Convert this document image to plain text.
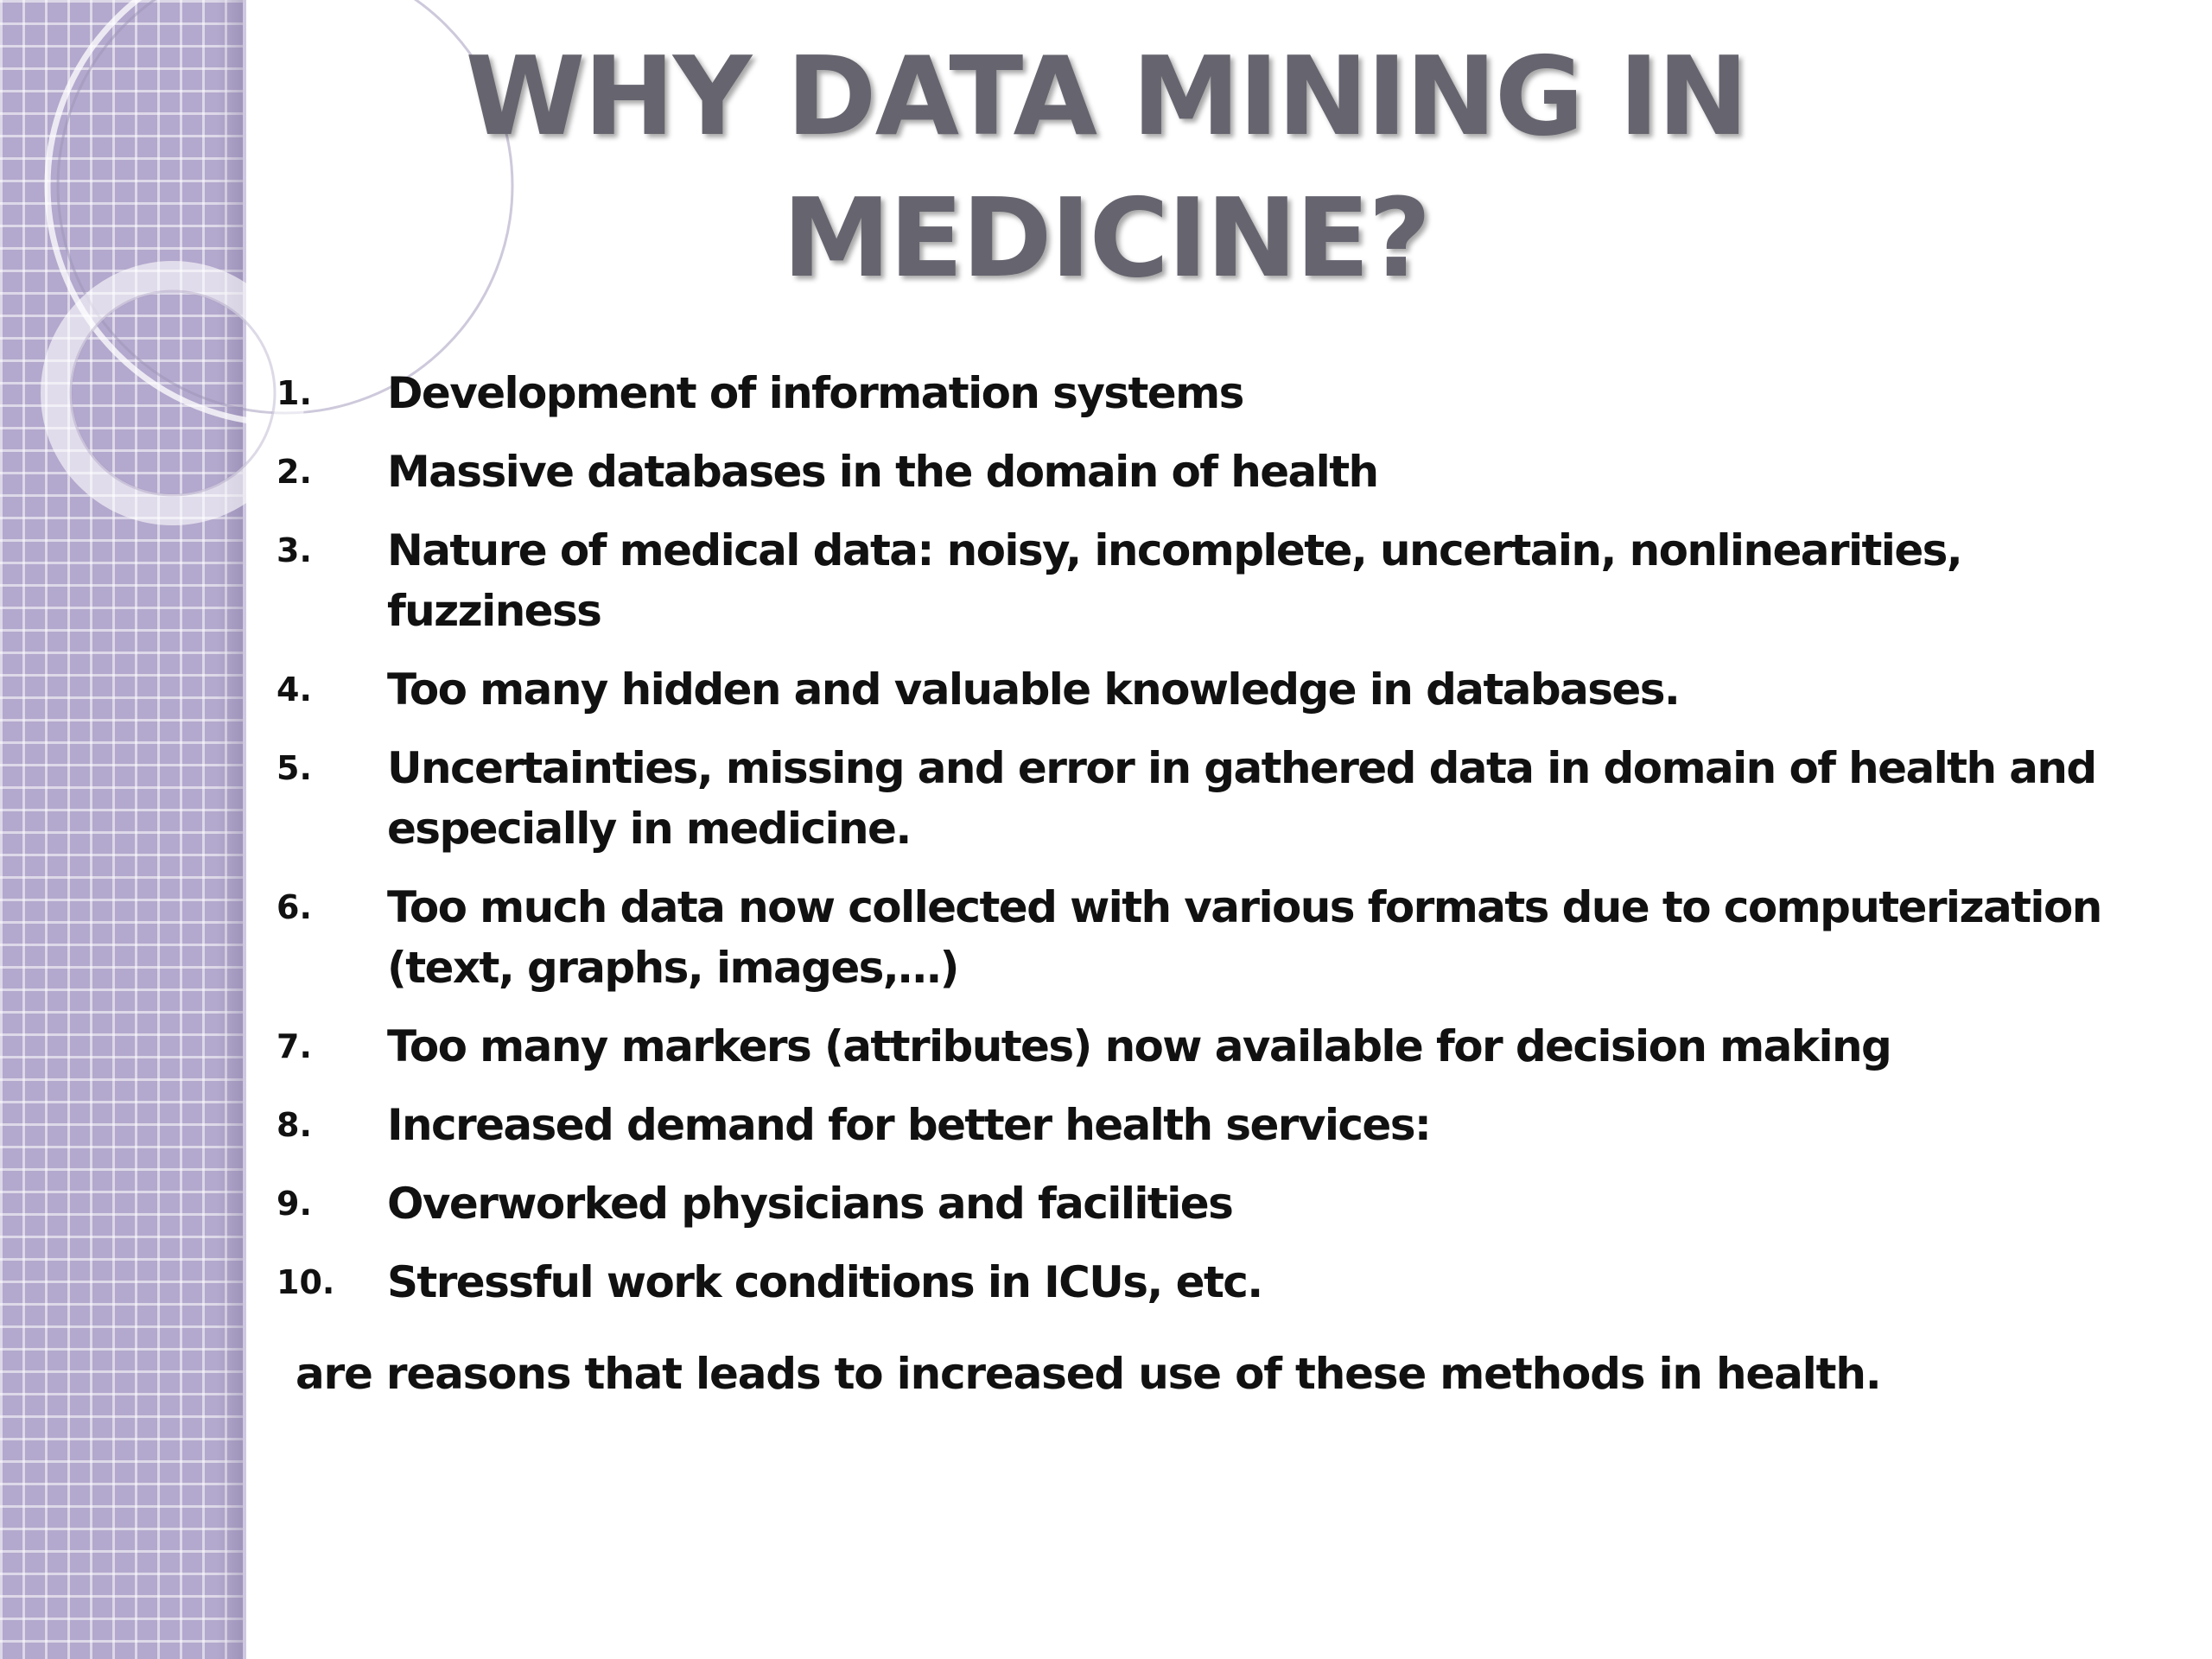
WHY DATA MINING IN MEDICINE?
1.	Development of information systems
2.	Massive databases in the domain of health
3.	Nature of medical data: noisy, incomplete, uncertain, nonlinearities, fuzziness
4.	Too many hidden and valuable knowledge in databases.
5.	Uncertainties, missing and error in gathered data in domain of health and especially in medicine.
6.	Too much data now collected with various formats due to computerization (text, graphs, images,…)
7.	Too many markers (attributes) now available for decision making
8.	Increased demand for better health services:
9.	Overworked physicians and facilities
10.	Stressful work conditions in ICUs, etc.

are reasons that leads to increased use of these methods in health.
